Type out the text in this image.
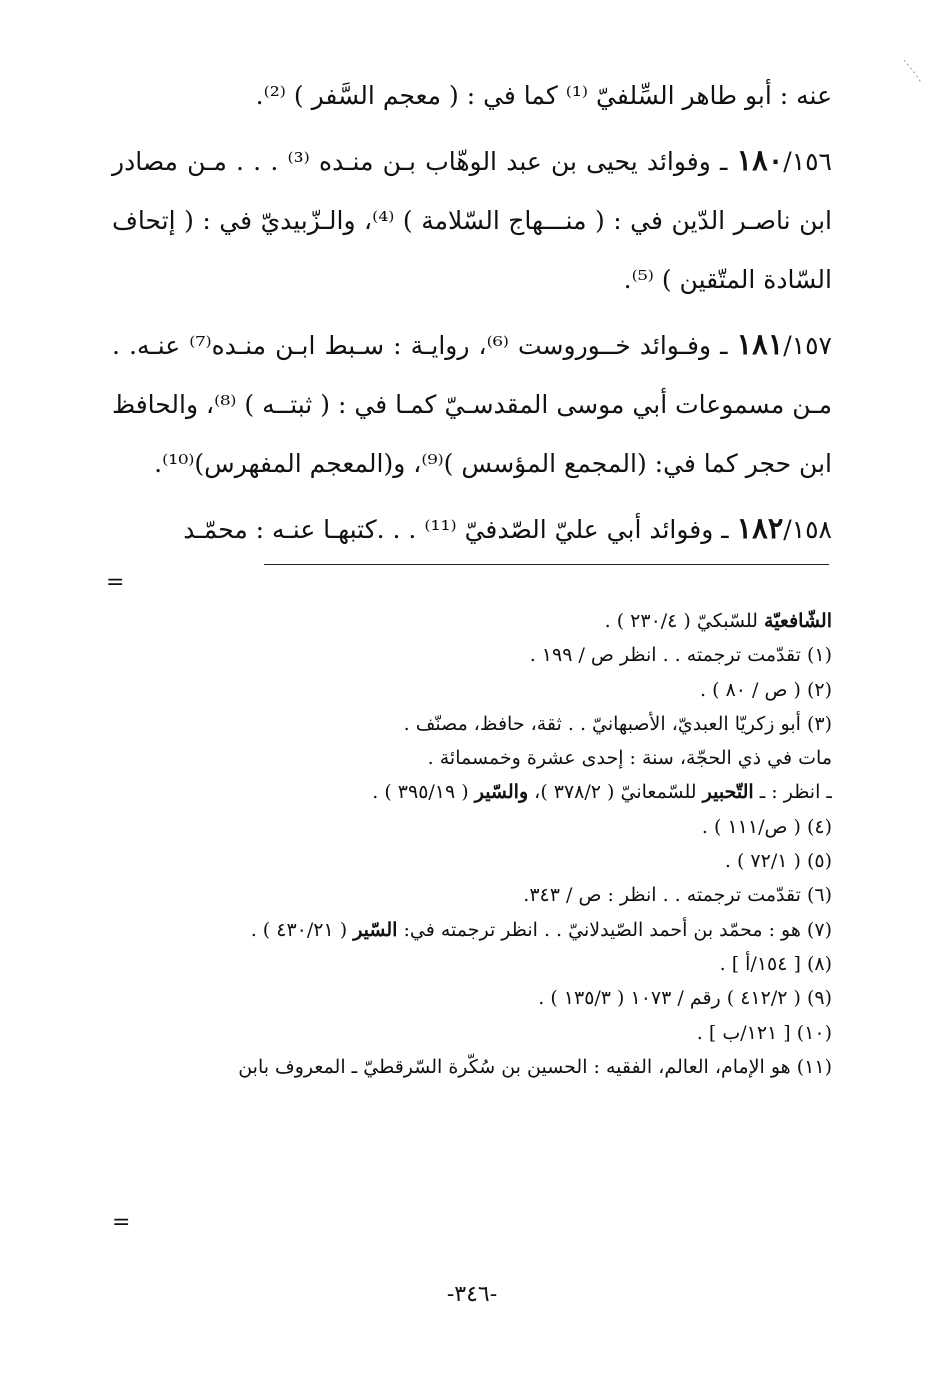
عنه : أبو طاهر السِّلفيّ ⁽¹⁾ كما في : ( معجم السَّفر ) ⁽²⁾.

١٨٠/١٥٦ ـ وفوائد يحيى بن عبد الوهّاب بـن منـده ⁽³⁾ . . . مـن مصادر ابن ناصـر الدّين في : ( منـــهاج السّلامة ) ⁽⁴⁾، والـزّبيديّ في : ( إتحاف السّادة المتّقين ) ⁽⁵⁾.

١٨١/١٥٧ ـ وفـوائد خــوروست ⁽⁶⁾، روايـة : سـبط ابـن منـده⁽⁷⁾ عنـه. . مـن مسموعات أبي موسى المقدسـيّ كمـا في : ( ثبتــه ) ⁽⁸⁾، والحافظ ابن حجر كما في: (المجمع المؤسس )⁽⁹⁾، و(المعجم المفهرس)⁽¹⁰⁾.

١٨٢/١٥٨ ـ وفوائد أبي عليّ الصّدفيّ ⁽¹¹⁾ . . .كتبهـا عنـه : محمّـد

=

الشّافعيّة للسّبكيّ ( ٢٣٠/٤ ) .

(١) تقدّمت ترجمته . . انظر ص / ١٩٩ .

(٢) ( ص / ٨٠ ) .

(٣) أبو زكريّا العبديّ، الأصبهانيّ . . ثقة، حافظ، مصنّف .

مات في ذي الحجّة، سنة : إحدى عشرة وخمسمائة .

ـ انظر : ـ التّحبير للسّمعانيّ ( ٣٧٨/٢ )، والسّير ( ٣٩٥/١٩ ) .

(٤) ( ص/١١١ ) .

(٥) ( ٧٢/١ ) .

(٦) تقدّمت ترجمته . . انظر : ص / ٣٤٣.

(٧) هو : محمّد بن أحمد الصّيدلانيّ . . انظر ترجمته في: السّير ( ٤٣٠/٢١ ) .

(٨) [ ١٥٤/أ ] .

(٩) ( ٤١٢/٢ ) رقم / ١٠٧٣ ( ١٣٥/٣ ) .

(١٠) [ ١٢١/ب ] .

(١١) هو الإمام، العالم، الفقيه : الحسين بن سُكّرة السّرقطيّ ـ المعروف بابن

=
-٣٤٦-
